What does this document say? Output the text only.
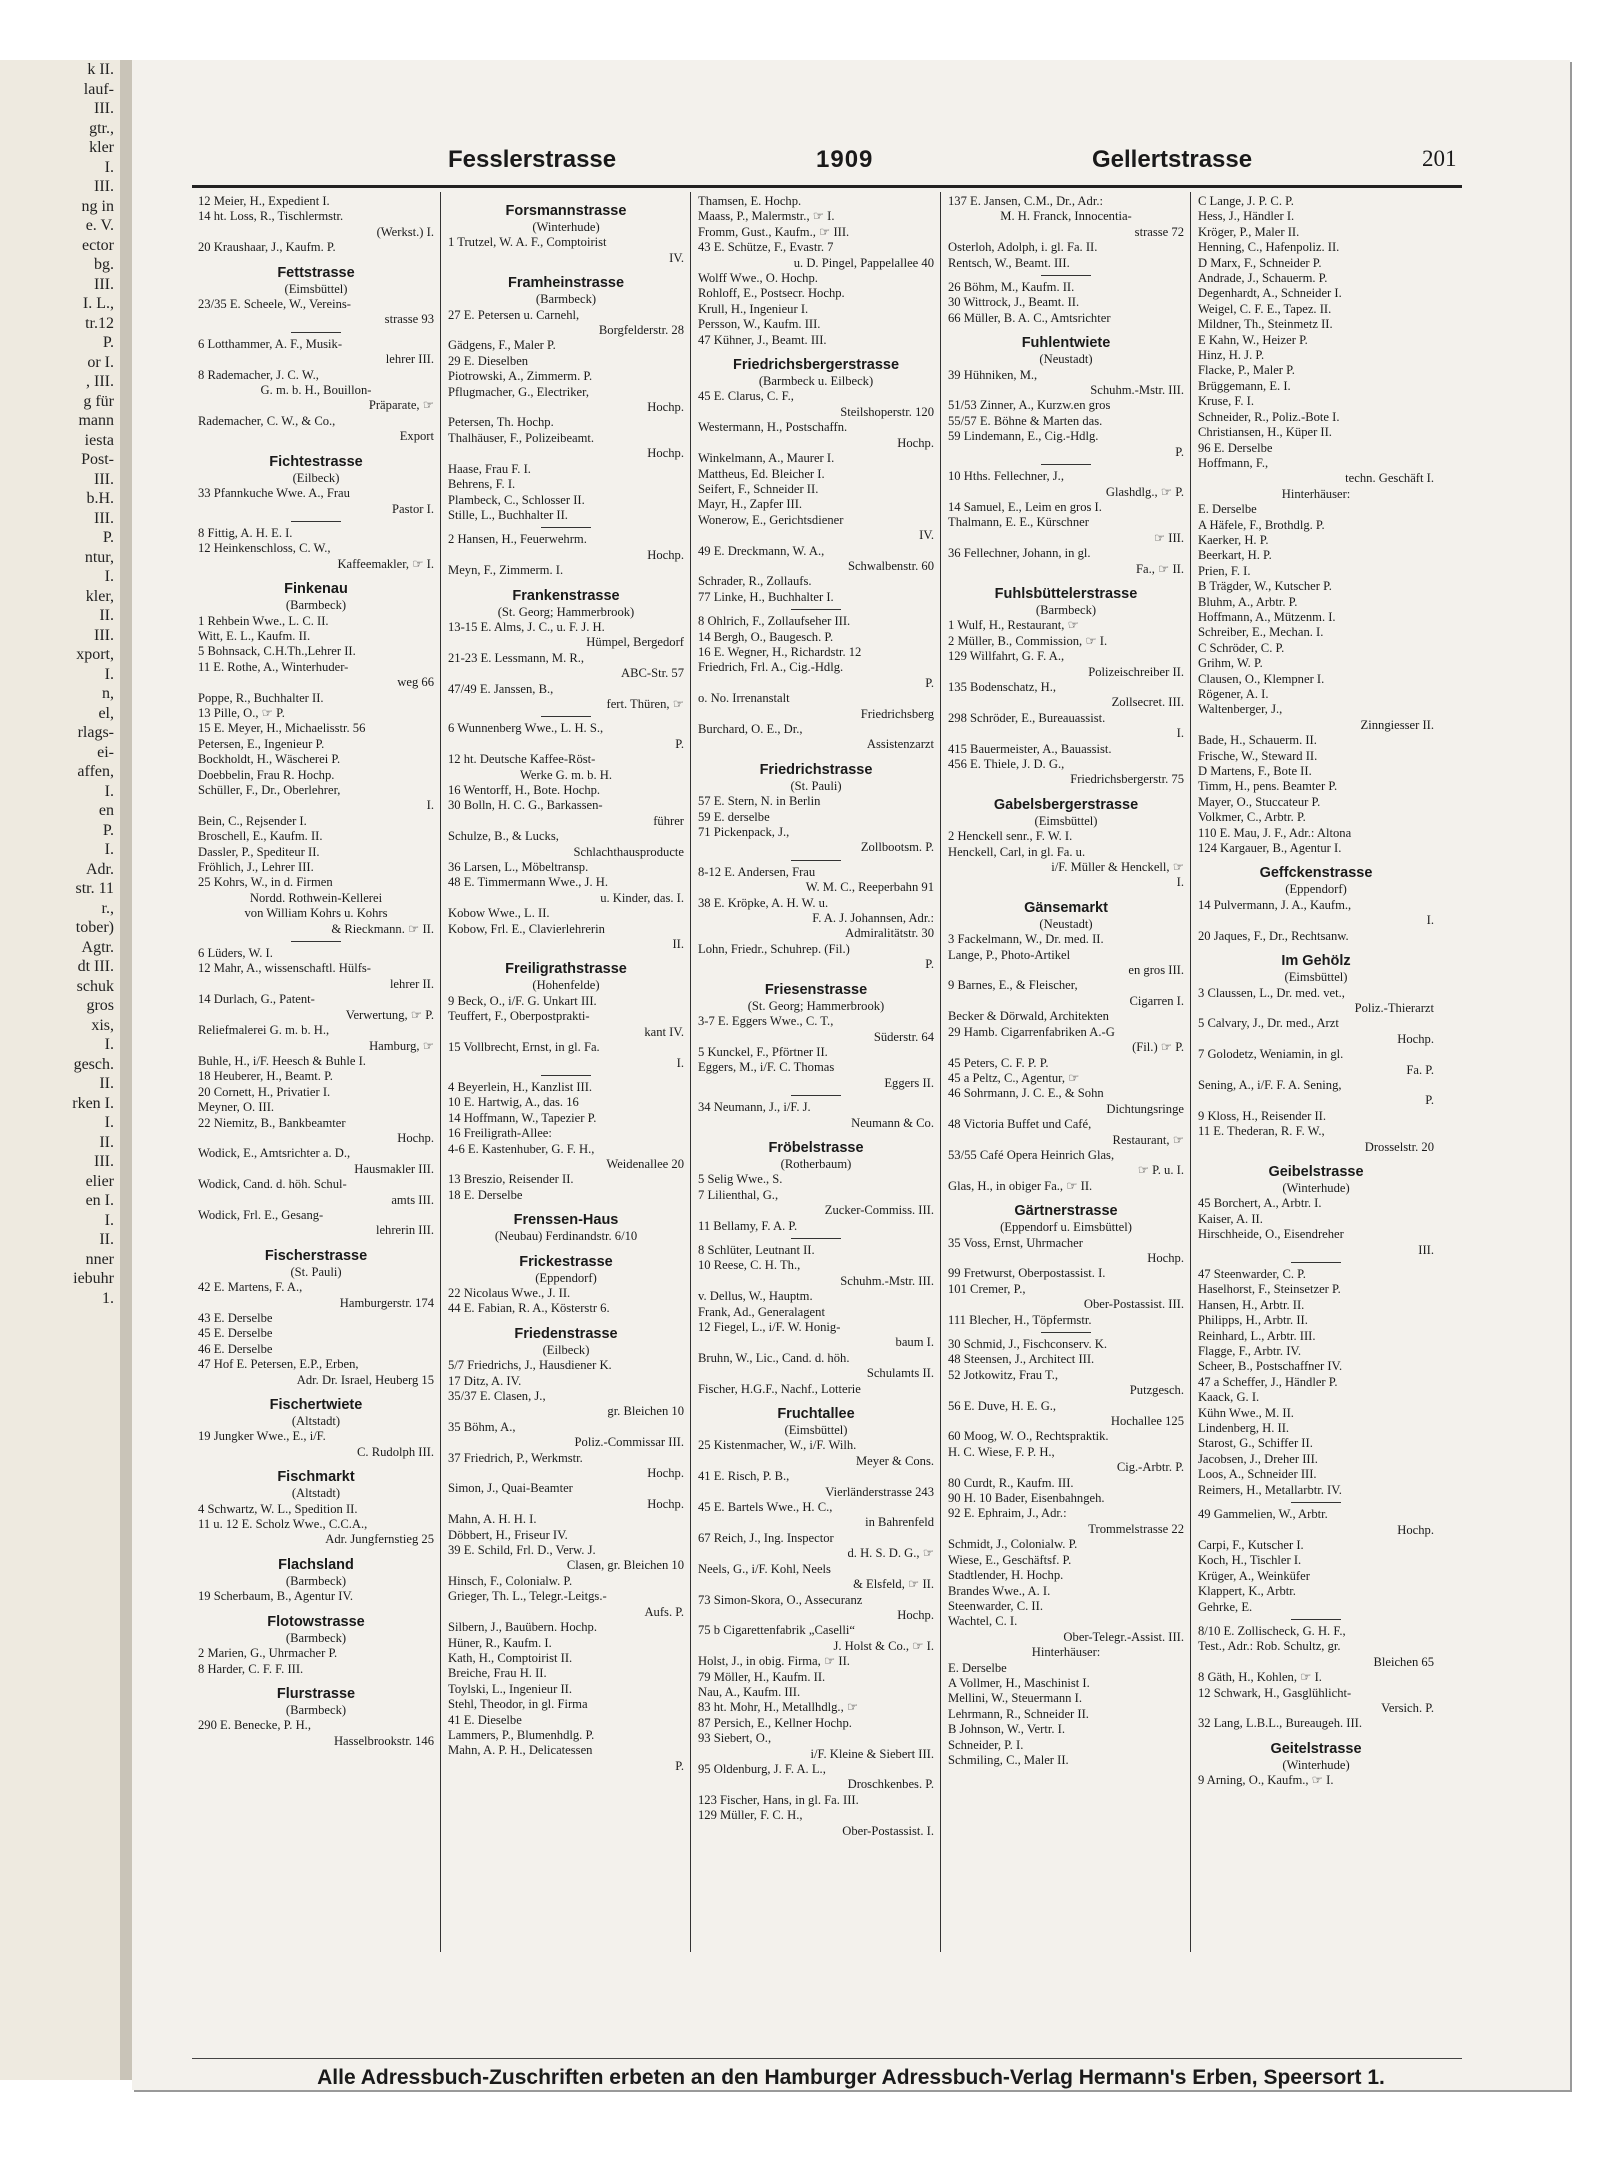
k II.
lauf-
III.
gtr.,
kler
I.
III.
ng in
e. V.
ector
bg.
III.
I. L.,
tr.12
P.
or I.
, III.
g für
mann
iesta
Post-
III.
b.H.
III.
P.
ntur,
I.
kler,
II.
III.
xport,
I.
n,
el,
rlags-
ei-
affen,
I.
en
P.
I.
Adr.
str. 11
r.,
tober)
Agtr.
dt III.
schuk
gros
xis,
I.
gesch.
II.
rken I.
I.
II.
III.
elier
en I.
I.
II.
nner
iebuhr
1.
Fesslerstrasse	1909	Gellertstrasse	201
12 Meier, H., Expedient I.
14 ht. Loss, R., Tischlermstr.
(Werkst.) I.
20 Kraushaar, J., Kaufm. P.
Fettstrasse
(Eimsbüttel)
23/35 E. Scheele, W., Vereins-
strasse 93
6 Lotthammer, A. F., Musik-
lehrer III.
8 Rademacher, J. C. W.,
G. m. b. H., Bouillon-
Präparate, ☞
Rademacher, C. W., & Co.,
Export
Fichtestrasse
(Eilbeck)
33 Pfannkuche Wwe. A., Frau
Pastor I.
8 Fittig, A. H. E. I.
12 Heinkenschloss, C. W.,
Kaffeemakler, ☞ I.
Finkenau
(Barmbeck)
1 Rehbein Wwe., L. C. II.
Witt, E. L., Kaufm. II.
5 Bohnsack, C.H.Th.,Lehrer II.
11 E. Rothe, A., Winterhuder-
weg 66
Poppe, R., Buchhalter II.
13 Pille, O., ☞ P.
15 E. Meyer, H., Michaelisstr. 56
Petersen, E., Ingenieur P.
Bockholdt, H., Wäscherei P.
Doebbelin, Frau R. Hochp.
Schüller, F., Dr., Oberlehrer,
I.
Bein, C., Rejsender I.
Broschell, E., Kaufm. II.
Dassler, P., Spediteur II.
Fröhlich, J., Lehrer III.
25 Kohrs, W., in d. Firmen
Nordd. Rothwein-Kellerei
von William Kohrs u. Kohrs
& Rieckmann. ☞ II.
6 Lüders, W. I.
12 Mahr, A., wissenschaftl. Hülfs-
lehrer II.
14 Durlach, G., Patent-
Verwertung, ☞ P.
Reliefmalerei G. m. b. H.,
Hamburg, ☞
Buhle, H., i/F. Heesch & Buhle I.
18 Heuberer, H., Beamt. P.
20 Cornett, H., Privatier I.
Meyner, O. III.
22 Niemitz, B., Bankbeamter
Hochp.
Wodick, E., Amtsrichter a. D.,
Hausmakler III.
Wodick, Cand. d. höh. Schul-
amts III.
Wodick, Frl. E., Gesang-
lehrerin III.
Fischerstrasse
(St. Pauli)
42 E. Martens, F. A.,
Hamburgerstr. 174
43 E. Derselbe
45 E. Derselbe
46 E. Derselbe
47 Hof E. Petersen, E.P., Erben,
Adr. Dr. Israel, Heuberg 15
Fischertwiete
(Altstadt)
19 Jungker Wwe., E., i/F.
C. Rudolph III.
Fischmarkt
(Altstadt)
4 Schwartz, W. L., Spedition II.
11 u. 12 E. Scholz Wwe., C.C.A.,
Adr. Jungfernstieg 25
Flachsland
(Barmbeck)
19 Scherbaum, B., Agentur IV.
Flotowstrasse
(Barmbeck)
2 Marien, G., Uhrmacher P.
8 Harder, C. F. F. III.
Flurstrasse
(Barmbeck)
290 E. Benecke, P. H.,
Hasselbrookstr. 146
Forsmannstrasse
(Winterhude)
1 Trutzel, W. A. F., Comptoirist
IV.
Framheinstrasse
(Barmbeck)
27 E. Petersen u. Carnehl,
Borgfelderstr. 28
Gädgens, F., Maler P.
29 E. Dieselben
Piotrowski, A., Zimmerm. P.
Pflugmacher, G., Electriker,
Hochp.
Petersen, Th. Hochp.
Thalhäuser, F., Polizeibeamt.
Hochp.
Haase, Frau F. I.
Behrens, F. I.
Plambeck, C., Schlosser II.
Stille, L., Buchhalter II.
2 Hansen, H., Feuerwehrm.
Hochp.
Meyn, F., Zimmerm. I.
Frankenstrasse
(St. Georg; Hammerbrook)
13-15 E. Alms, J. C., u. F. J. H.
Hümpel, Bergedorf
21-23 E. Lessmann, M. R.,
ABC-Str. 57
47/49 E. Janssen, B.,
fert. Thüren, ☞
6 Wunnenberg Wwe., L. H. S.,
P.
12 ht. Deutsche Kaffee-Röst-
Werke G. m. b. H.
16 Wentorff, H., Bote. Hochp.
30 Bolln, H. C. G., Barkassen-
führer
Schulze, B., & Lucks,
Schlachthausproducte
36 Larsen, L., Möbeltransp.
48 E. Timmermann Wwe., J. H.
u. Kinder, das. I.
Kobow Wwe., L. II.
Kobow, Frl. E., Clavierlehrerin
II.
Freiligrathstrasse
(Hohenfelde)
9 Beck, O., i/F. G. Unkart III.
Teuffert, F., Oberpostprakti-
kant IV.
15 Vollbrecht, Ernst, in gl. Fa.
I.
4 Beyerlein, H., Kanzlist III.
10 E. Hartwig, A., das. 16
14 Hoffmann, W., Tapezier P.
16 Freiligrath-Allee:
4-6 E. Kastenhuber, G. F. H.,
Weidenallee 20
13 Breszio, Reisender II.
18 E. Derselbe
Frenssen-Haus
(Neubau) Ferdinandstr. 6/10
Frickestrasse
(Eppendorf)
22 Nicolaus Wwe., J. II.
44 E. Fabian, R. A., Kösterstr 6.
Friedenstrasse
(Eilbeck)
5/7 Friedrichs, J., Hausdiener K.
17 Ditz, A. IV.
35/37 E. Clasen, J.,
gr. Bleichen 10
35 Böhm, A.,
Poliz.-Commissar III.
37 Friedrich, P., Werkmstr.
Hochp.
Simon, J., Quai-Beamter
Hochp.
Mahn, A. H. H. I.
Döbbert, H., Friseur IV.
39 E. Schild, Frl. D., Verw. J.
Clasen, gr. Bleichen 10
Hinsch, F., Colonialw. P.
Grieger, Th. L., Telegr.-Leitgs.-
Aufs. P.
Silbern, J., Bauübern. Hochp.
Hüner, R., Kaufm. I.
Kath, H., Comptoirist II.
Breiche, Frau H. II.
Toylski, L., Ingenieur II.
Stehl, Theodor, in gl. Firma
41 E. Dieselbe
Lammers, P., Blumenhdlg. P.
Mahn, A. P. H., Delicatessen
P.
Thamsen, E. Hochp.
Maass, P., Malermstr., ☞ I.
Fromm, Gust., Kaufm., ☞ III.
43 E. Schütze, F., Evastr. 7
u. D. Pingel, Pappelallee 40
Wolff Wwe., O. Hochp.
Rohloff, E., Postsecr. Hochp.
Krull, H., Ingenieur I.
Persson, W., Kaufm. III.
47 Kühner, J., Beamt. III.
Friedrichsbergerstrasse
(Barmbeck u. Eilbeck)
45 E. Clarus, C. F.,
Steilshoperstr. 120
Westermann, H., Postschaffn.
Hochp.
Winkelmann, A., Maurer I.
Mattheus, Ed. Bleicher I.
Seifert, F., Schneider II.
Mayr, H., Zapfer III.
Wonerow, E., Gerichtsdiener
IV.
49 E. Dreckmann, W. A.,
Schwalbenstr. 60
Schrader, R., Zollaufs.
77 Linke, H., Buchhalter I.
8 Ohlrich, F., Zollaufseher III.
14 Bergh, O., Baugesch. P.
16 E. Wegner, H., Richardstr. 12
Friedrich, Frl. A., Cig.-Hdlg.
P.
o. No. Irrenanstalt
Friedrichsberg
Burchard, O. E., Dr.,
Assistenzarzt
Friedrichstrasse
(St. Pauli)
57 E. Stern, N. in Berlin
59 E. derselbe
71 Pickenpack, J.,
Zollbootsm. P.
8-12 E. Andersen, Frau
W. M. C., Reeperbahn 91
38 E. Kröpke, A. H. W. u.
F. A. J. Johannsen, Adr.:
Admiralitätstr. 30
Lohn, Friedr., Schuhrep. (Fil.)
P.
Friesenstrasse
(St. Georg; Hammerbrook)
3-7 E. Eggers Wwe., C. T.,
Süderstr. 64
5 Kunckel, F., Pförtner II.
Eggers, M., i/F. C. Thomas
Eggers II.
34 Neumann, J., i/F. J.
Neumann & Co.
Fröbelstrasse
(Rotherbaum)
5 Selig Wwe., S.
7 Lilienthal, G.,
Zucker-Commiss. III.
11 Bellamy, F. A. P.
8 Schlüter, Leutnant II.
10 Reese, C. H. Th.,
Schuhm.-Mstr. III.
v. Dellus, W., Hauptm.
Frank, Ad., Generalagent
12 Fiegel, L., i/F. W. Honig-
baum I.
Bruhn, W., Lic., Cand. d. höh.
Schulamts II.
Fischer, H.G.F., Nachf., Lotterie
Fruchtallee
(Eimsbüttel)
25 Kistenmacher, W., i/F. Wilh.
Meyer & Cons.
41 E. Risch, P. B.,
Vierländerstrasse 243
45 E. Bartels Wwe., H. C.,
in Bahrenfeld
67 Reich, J., Ing. Inspector
d. H. S. D. G., ☞
Neels, G., i/F. Kohl, Neels
& Elsfeld, ☞ II.
73 Simon-Skora, O., Assecuranz
Hochp.
75 b Cigarettenfabrik „Caselli“
J. Holst & Co., ☞ I.
Holst, J., in obig. Firma, ☞ II.
79 Möller, H., Kaufm. II.
Nau, A., Kaufm. III.
83 ht. Mohr, H., Metallhdlg., ☞
87 Persich, E., Kellner Hochp.
93 Siebert, O.,
i/F. Kleine & Siebert III.
95 Oldenburg, J. F. A. L.,
Droschkenbes. P.
123 Fischer, Hans, in gl. Fa. III.
129 Müller, F. C. H.,
Ober-Postassist. I.
137 E. Jansen, C.M., Dr., Adr.:
M. H. Franck, Innocentia-
strasse 72
Osterloh, Adolph, i. gl. Fa. II.
Rentsch, W., Beamt. III.
26 Böhm, M., Kaufm. II.
30 Wittrock, J., Beamt. II.
66 Müller, B. A. C., Amtsrichter
Fuhlentwiete
(Neustadt)
39 Hühniken, M.,
Schuhm.-Mstr. III.
51/53 Zinner, A., Kurzw.en gros
55/57 E. Böhne & Marten das.
59 Lindemann, E., Cig.-Hdlg.
P.
10 Hths. Fellechner, J.,
Glashdlg., ☞ P.
14 Samuel, E., Leim en gros I.
Thalmann, E. E., Kürschner
☞ III.
36 Fellechner, Johann, in gl.
Fa., ☞ II.
Fuhlsbüttelerstrasse
(Barmbeck)
1 Wulf, H., Restaurant, ☞
2 Müller, B., Commission, ☞ I.
129 Willfahrt, G. F. A.,
Polizeischreiber II.
135 Bodenschatz, H.,
Zollsecret. III.
298 Schröder, E., Bureauassist.
I.
415 Bauermeister, A., Bauassist.
456 E. Thiele, J. D. G.,
Friedrichsbergerstr. 75
Gabelsbergerstrasse
(Eimsbüttel)
2 Henckell senr., F. W. I.
Henckell, Carl, in gl. Fa. u.
i/F. Müller & Henckell, ☞
I.
Gänsemarkt
(Neustadt)
3 Fackelmann, W., Dr. med. II.
Lange, P., Photo-Artikel
en gros III.
9 Barnes, E., & Fleischer,
Cigarren I.
Becker & Dörwald, Architekten
29 Hamb. Cigarrenfabriken A.-G
(Fil.) ☞ P.
45 Peters, C. F. P. P.
45 a Peltz, C., Agentur, ☞
46 Sohrmann, J. C. E., & Sohn
Dichtungsringe
48 Victoria Buffet und Café,
Restaurant, ☞
53/55 Café Opera Heinrich Glas,
☞ P. u. I.
Glas, H., in obiger Fa., ☞ II.
Gärtnerstrasse
(Eppendorf u. Eimsbüttel)
35 Voss, Ernst, Uhrmacher
Hochp.
99 Fretwurst, Oberpostassist. I.
101 Cremer, P.,
Ober-Postassist. III.
111 Blecher, H., Töpfermstr.
30 Schmid, J., Fischconserv. K.
48 Steensen, J., Architect III.
52 Jotkowitz, Frau T.,
Putzgesch.
56 E. Duve, H. E. G.,
Hochallee 125
60 Moog, W. O., Rechtspraktik.
H. C. Wiese, F. P. H.,
Cig.-Arbtr. P.
80 Curdt, R., Kaufm. III.
90 H. 10 Bader, Eisenbahngeh.
92 E. Ephraim, J., Adr.:
Trommelstrasse 22
Schmidt, J., Colonialw. P.
Wiese, E., Geschäftsf. P.
Stadtlender, H. Hochp.
Brandes Wwe., A. I.
Steenwarder, C. II.
Wachtel, C. I.
Ober-Telegr.-Assist. III.
Hinterhäuser:
E. Derselbe
A Vollmer, H., Maschinist I.
Mellini, W., Steuermann I.
Lehrmann, R., Schneider II.
B Johnson, W., Vertr. I.
Schneider, P. I.
Schmiling, C., Maler II.
C Lange, J. P. C. P.
Hess, J., Händler I.
Kröger, P., Maler II.
Henning, C., Hafenpoliz. II.
D Marx, F., Schneider P.
Andrade, J., Schauerm. P.
Degenhardt, A., Schneider I.
Weigel, C. F. E., Tapez. II.
Mildner, Th., Steinmetz II.
E Kahn, W., Heizer P.
Hinz, H. J. P.
Flacke, P., Maler P.
Brüggemann, E. I.
Kruse, F. I.
Schneider, R., Poliz.-Bote I.
Christiansen, H., Küper II.
96 E. Derselbe
Hoffmann, F.,
techn. Geschäft I.
Hinterhäuser:
E. Derselbe
A Häfele, F., Brothdlg. P.
Kaerker, H. P.
Beerkart, H. P.
Prien, F. I.
B Trägder, W., Kutscher P.
Bluhm, A., Arbtr. P.
Hoffmann, A., Mützenm. I.
Schreiber, E., Mechan. I.
C Schröder, C. P.
Grihm, W. P.
Clausen, O., Klempner I.
Rögener, A. I.
Waltenberger, J.,
Zinngiesser II.
Bade, H., Schauerm. II.
Frische, W., Steward II.
D Martens, F., Bote II.
Timm, H., pens. Beamter P.
Mayer, O., Stuccateur P.
Volkmer, C., Arbtr. P.
110 E. Mau, J. F., Adr.: Altona
124 Kargauer, B., Agentur I.
Geffckenstrasse
(Eppendorf)
14 Pulvermann, J. A., Kaufm.,
I.
20 Jaques, F., Dr., Rechtsanw.
Im Gehölz
(Eimsbüttel)
3 Claussen, L., Dr. med. vet.,
Poliz.-Thierarzt
5 Calvary, J., Dr. med., Arzt
Hochp.
7 Golodetz, Weniamin, in gl.
Fa. P.
Sening, A., i/F. F. A. Sening,
P.
9 Kloss, H., Reisender II.
11 E. Thederan, R. F. W.,
Drosselstr. 20
Geibelstrasse
(Winterhude)
45 Borchert, A., Arbtr. I.
Kaiser, A. II.
Hirschheide, O., Eisendreher
III.
47 Steenwarder, C. P.
Haselhorst, F., Steinsetzer P.
Hansen, H., Arbtr. II.
Philipps, H., Arbtr. II.
Reinhard, L., Arbtr. III.
Flagge, F., Arbtr. IV.
Scheer, B., Postschaffner IV.
47 a Scheffer, J., Händler P.
Kaack, G. I.
Kühn Wwe., M. II.
Lindenberg, H. II.
Starost, G., Schiffer II.
Jacobsen, J., Dreher III.
Loos, A., Schneider III.
Reimers, H., Metallarbtr. IV.
49 Gammelien, W., Arbtr.
Hochp.
Carpi, F., Kutscher I.
Koch, H., Tischler I.
Krüger, A., Weinküfer
Klappert, K., Arbtr.
Gehrke, E.
8/10 E. Zollischeck, G. H. F.,
Test., Adr.: Rob. Schultz, gr.
Bleichen 65
8 Gäth, H., Kohlen, ☞ I.
12 Schwark, H., Gasglühlicht-
Versich. P.
32 Lang, L.B.L., Bureaugeh. III.
Geitelstrasse
(Winterhude)
9 Arning, O., Kaufm., ☞ I.
Alle Adressbuch-Zuschriften erbeten an den Hamburger Adressbuch-Verlag Hermann's Erben, Speersort 1.
